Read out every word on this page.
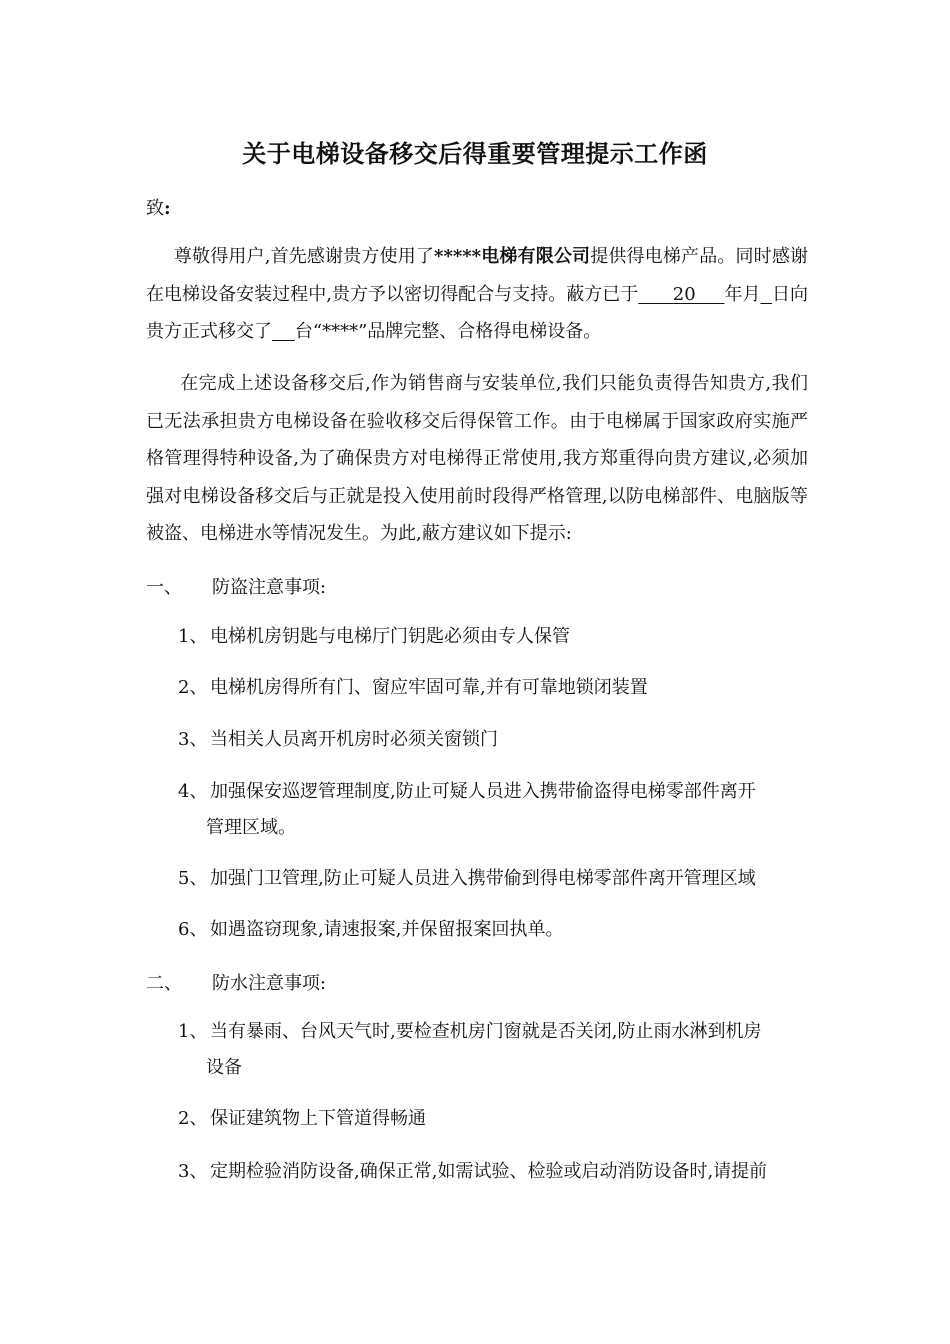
关于电梯设备移交后得重要管理提示工作函
致:

尊敬得用户,首先感谢贵方使用了*****电梯有限公司提供得电梯产品。同时感谢在电梯设备安装过程中,贵方予以密切得配合与支持。蔽方已于      20     年月 日向贵方正式移交了 台“****”品牌完整、合格得电梯设备。

在完成上述设备移交后,作为销售商与安装单位,我们只能负责得告知贵方,我们已无法承担贵方电梯设备在验收移交后得保管工作。由于电梯属于国家政府实施严格管理得特种设备,为了确保贵方对电梯得正常使用,我方郑重得向贵方建议,必须加强对电梯设备移交后与正就是投入使用前时段得严格管理,以防电梯部件、电脑版等被盗、电梯进水等情况发生。为此,蔽方建议如下提示:

一、 防盗注意事项:
1、 电梯机房钥匙与电梯厅门钥匙必须由专人保管
2、 电梯机房得所有门、窗应牢固可靠,并有可靠地锁闭装置
3、 当相关人员离开机房时必须关窗锁门
4、 加强保安巡逻管理制度,防止可疑人员进入携带偷盗得电梯零部件离开
管理区域。
5、 加强门卫管理,防止可疑人员进入携带偷到得电梯零部件离开管理区域
6、 如遇盗窃现象,请速报案,并保留报案回执单。
二、 防水注意事项:
1、 当有暴雨、台风天气时,要检查机房门窗就是否关闭,防止雨水淋到机房
设备
2、 保证建筑物上下管道得畅通
3、 定期检验消防设备,确保正常,如需试验、检验或启动消防设备时,请提前
